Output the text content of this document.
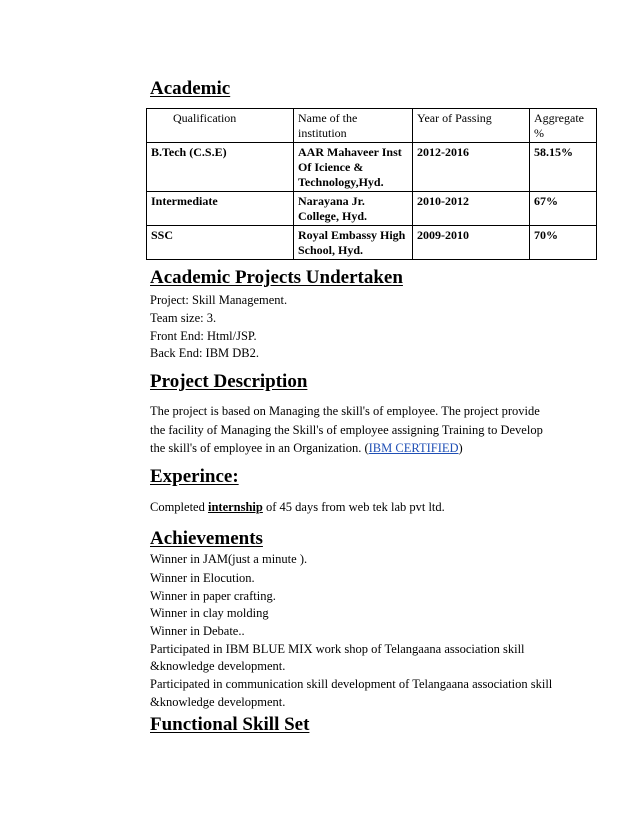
Academic
Qualification	Name of the institution	Year of Passing	Aggregate %
B.Tech (C.S.E)	AAR Mahaveer Inst Of Icience & Technology,Hyd.	2012-2016	58.15%
Intermediate	Narayana Jr. College, Hyd.	2010-2012	67%
SSC	Royal Embassy High School, Hyd.	2009-2010	70%
Academic Projects Undertaken

Project: Skill Management.

Team size: 3.

Front End: Html/JSP.

Back End: IBM DB2.

Project Description

The project is based on Managing the skill's of employee. The project provide

the facility of Managing the Skill's of employee assigning Training to Develop

the skill's of employee in an Organization. (IBM CERTIFIED)

Experince:

Completed internship of 45 days from web tek lab pvt ltd.

Achievements

Winner in JAM(just a minute ).

Winner in Elocution.

Winner in paper crafting.

Winner in clay molding

Winner in Debate..

Participated in IBM BLUE MIX work shop of Telangaana association skill

&knowledge development.

Participated in communication skill development of Telangaana association skill

&knowledge development.

Functional Skill Set
